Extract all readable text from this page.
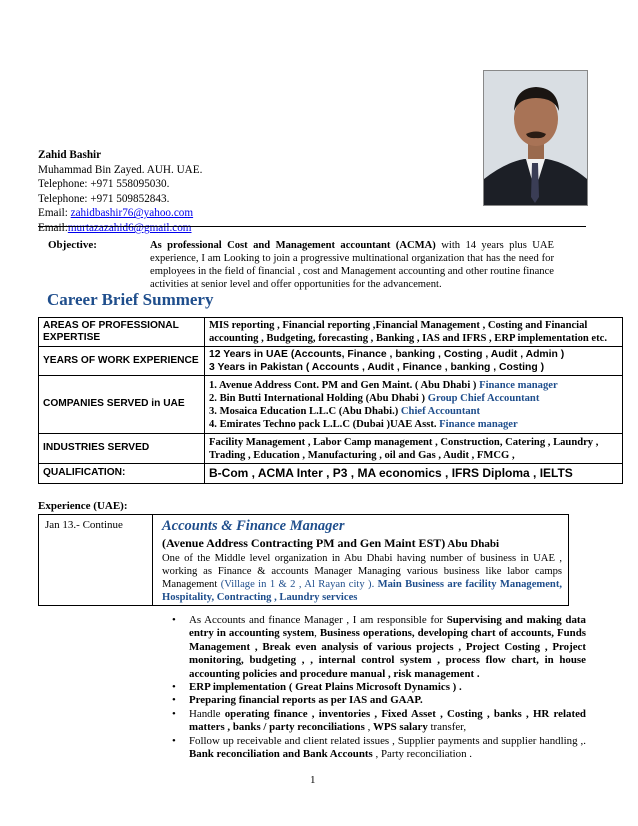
Zahid Bashir
Muhammad Bin Zayed. AUH. UAE.
Telephone: +971 558095030.
Telephone: +971 509852843.
Email: zahidbashir76@yahoo.com
Email:murtazazahid6@gmail.com
Objective:	As professional Cost and Management accountant (ACMA) with 14 years plus UAE experience, I am Looking to join a progressive multinational organization that has the need for employees in the field of financial , cost and Management accounting and other routine finance activities at senior level and offer opportunities for the advancement.
Career Brief Summery
AREAS OF PROFESSIONAL EXPERTISE	MIS reporting , Financial reporting ,Financial Management , Costing and Financial accounting , Budgeting, forecasting , Banking , IAS and IFRS , ERP implementation etc.
YEARS OF WORK EXPERIENCE	12 Years in UAE (Accounts, Finance , banking , Costing , Audit , Admin )
3 Years in Pakistan ( Accounts , Audit , Finance , banking , Costing )

COMPANIES SERVED in UAE	1. Avenue Address Cont. PM and Gen Maint. ( Abu Dhabi ) Finance manager
2. Bin Butti International Holding (Abu Dhabi ) Group Chief Accountant
3. Mosaica Education L.L.C (Abu Dhabi.) Chief Accountant
4. Emirates Techno pack L.L.C (Dubai )UAE Asst. Finance manager

INDUSTRIES SERVED	Facility Management , Labor Camp management , Construction, Catering , Laundry , Trading , Education , Manufacturing , oil and Gas , Audit , FMCG ,
QUALIFICATION:	B-Com , ACMA Inter , P3 , MA economics , IFRS Diploma , IELTS
Experience (UAE):
Jan 13.- Continue	Accounts & Finance Manager
(Avenue Address Contracting PM and Gen Maint EST) Abu Dhabi
One of the Middle level organization in Abu Dhabi having number of business in UAE , working as Finance & accounts Manager Managing various business like labor camps Management (Village in 1 & 2 , Al Rayan city ). Main Business are facility Management, Hospitality, Contracting , Laundry services
• As Accounts and finance Manager , I am responsible for Supervising and making data entry in accounting system, Business operations, developing chart of accounts, Funds Management , Break even analysis of various projects , Project Costing , Project monitoring, budgeting , , internal control system , process flow chart, in house accounting policies and procedure manual , risk management .
• ERP implementation ( Great Plains Microsoft Dynamics ) .
• Preparing financial reports as per IAS and GAAP.
• Handle operating finance , inventories , Fixed Asset , Costing , banks , HR related matters , banks / party reconciliations , WPS salary transfer,
• Follow up receivable and client related issues , Supplier payments and supplier handling ,. Bank reconciliation and Bank Accounts , Party reconciliation .
1
